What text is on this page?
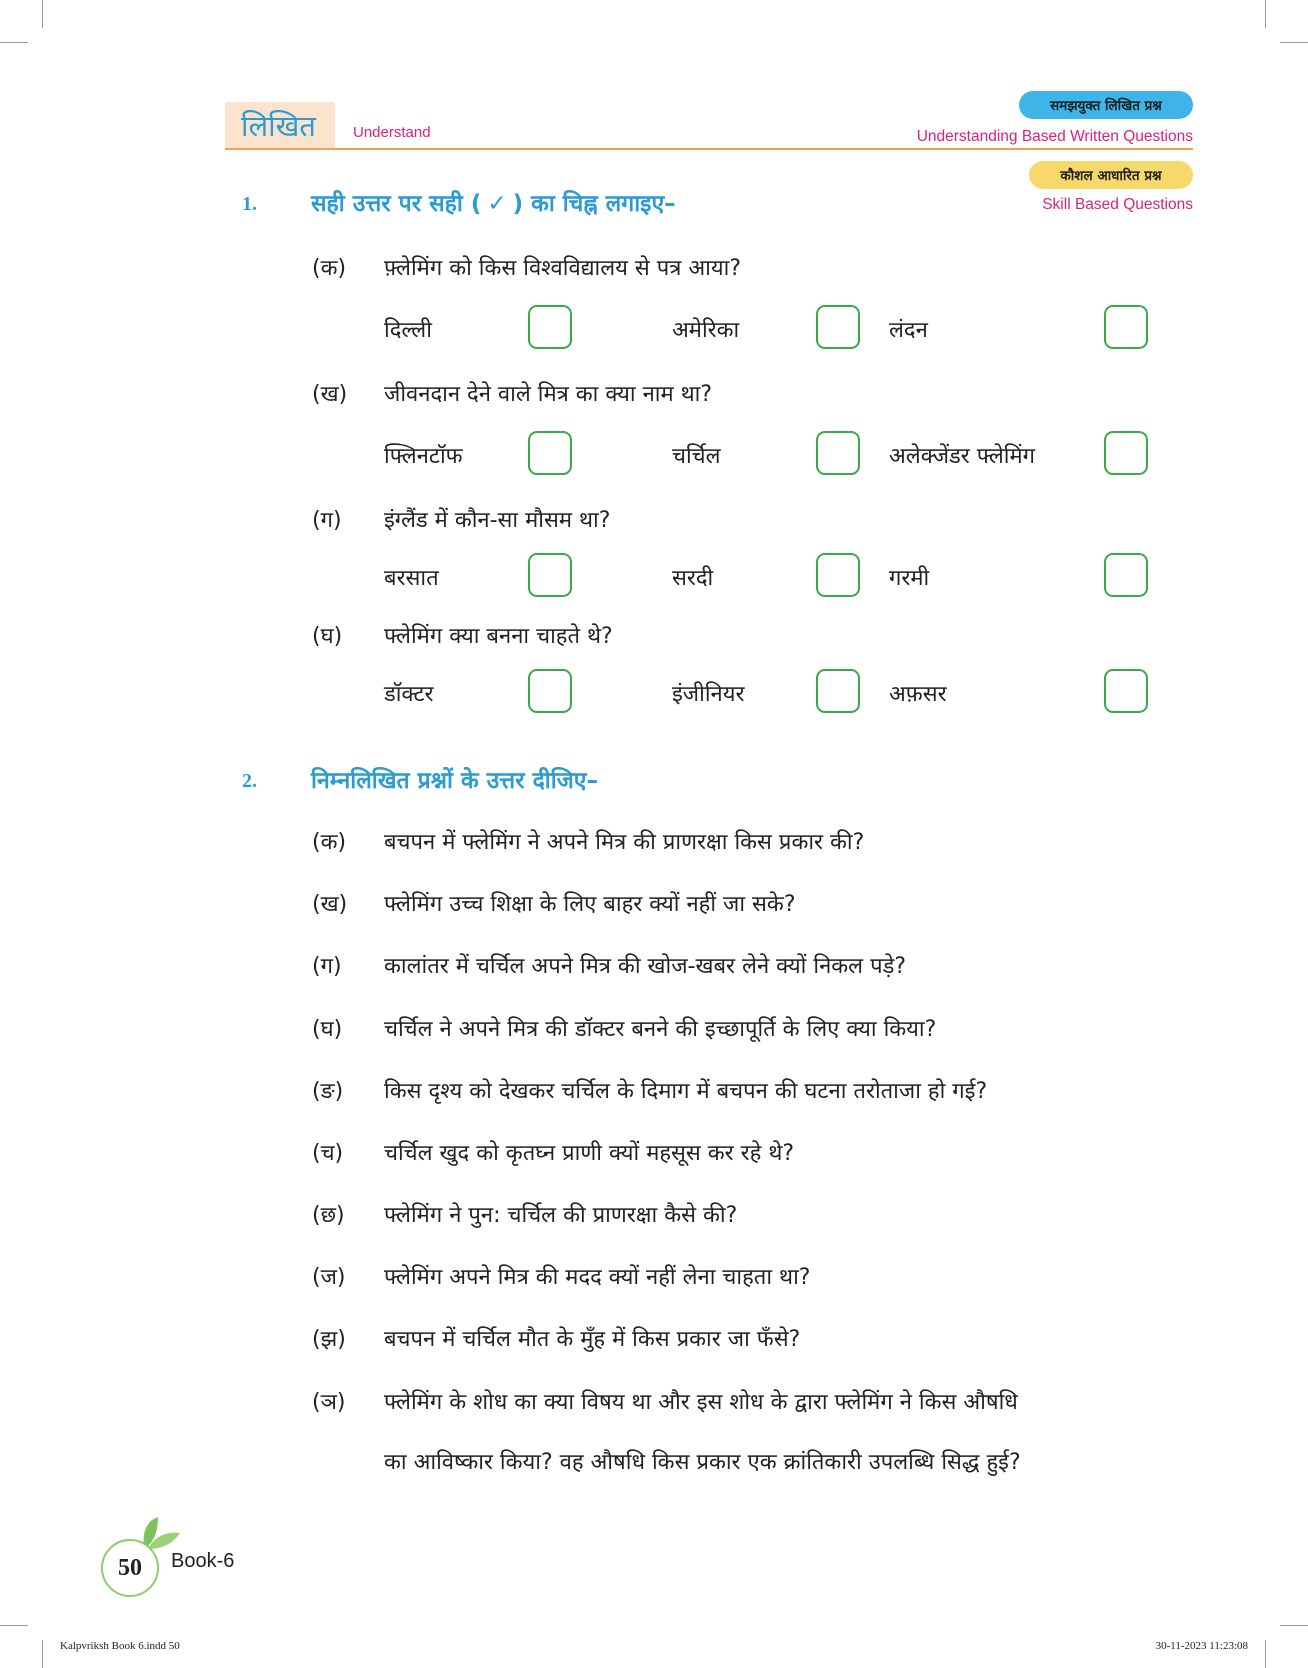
लिखित Understand
समझयुक्त लिखित प्रश्न
Understanding Based Written Questions
कौशल आधारित प्रश्न
Skill Based Questions
1. सही उत्तर पर सही ( ✓ ) का चिह्न लगाइए–
(क) फ़्लेमिंग को किस विश्वविद्यालय से पत्र आया?
दिल्ली	अमेरिका	लंदन
(ख) जीवनदान देने वाले मित्र का क्या नाम था?
फ्लिनटॉफ	चर्चिल	अलेक्जेंडर फ्लेमिंग
(ग) इंग्लैंड में कौन-सा मौसम था?
बरसात	सरदी	गरमी
(घ) फ्लेमिंग क्या बनना चाहते थे?
डॉक्टर	इंजीनियर	अफ़सर
2. निम्नलिखित प्रश्नों के उत्तर दीजिए–
(क) बचपन में फ्लेमिंग ने अपने मित्र की प्राणरक्षा किस प्रकार की?
(ख) फ्लेमिंग उच्च शिक्षा के लिए बाहर क्यों नहीं जा सके?
(ग) कालांतर में चर्चिल अपने मित्र की खोज-खबर लेने क्यों निकल पड़े?
(घ) चर्चिल ने अपने मित्र की डॉक्टर बनने की इच्छापूर्ति के लिए क्या किया?
(ङ) किस दृश्य को देखकर चर्चिल के दिमाग में बचपन की घटना तरोताजा हो गई?
(च) चर्चिल खुद को कृतघ्न प्राणी क्यों महसूस कर रहे थे?
(छ) फ्लेमिंग ने पुन: चर्चिल की प्राणरक्षा कैसे की?
(ज) फ्लेमिंग अपने मित्र की मदद क्यों नहीं लेना चाहता था?
(झ) बचपन में चर्चिल मौत के मुँह में किस प्रकार जा फँसे?
(ञ) फ्लेमिंग के शोध का क्या विषय था और इस शोध के द्वारा फ्लेमिंग ने किस औषधि
का आविष्कार किया? वह औषधि किस प्रकार एक क्रांतिकारी उपलब्धि सिद्ध हुई?
50	Book-6
Kalpvriksh Book 6.indd 50	30-11-2023 11:23:08
